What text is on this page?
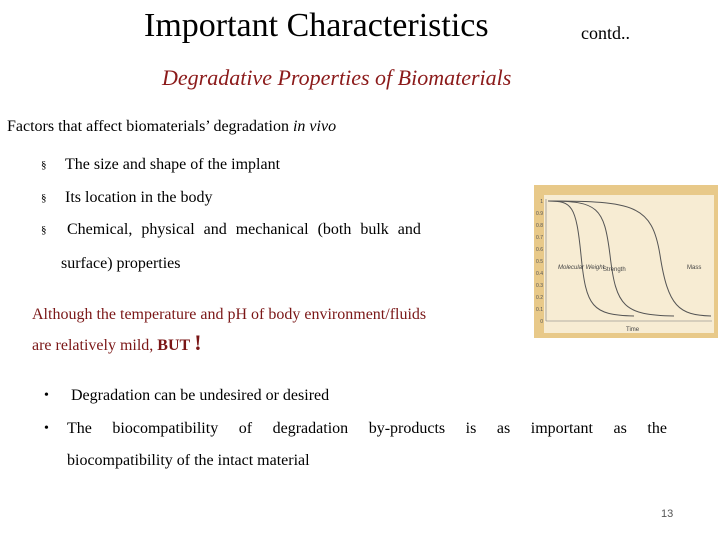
Important Characteristics	contd..
Degradative Properties of Biomaterials
Factors that affect biomaterials’ degradation in vivo
§ The size and shape of the implant
§ Its location in the body
§ Chemical, physical and mechanical (both bulk and
surface) properties
Although the temperature and pH of body environment/fluids
are relatively mild, BUT !
• Degradation can be undesired or desired
• The biocompatibility of degradation by-products is as important as the
biocompatibility of the intact material
1
0.9
0.8
0.7
0.6
0.5
0.4
0.3
0.2
0.1
0
Molecular Weight
Strength	Mass
Time
13
